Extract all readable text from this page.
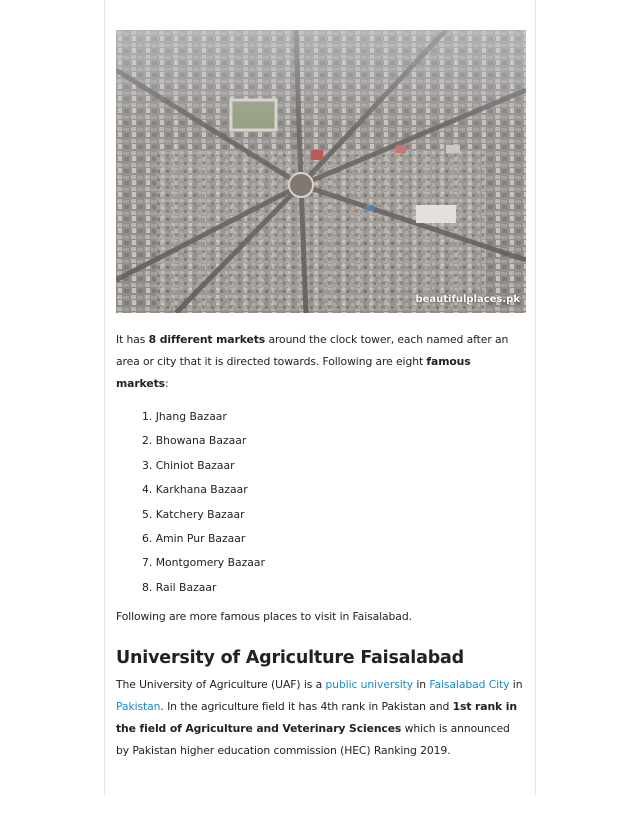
beautifulplaces.pk

It has 8 different markets around the clock tower, each named after an area or city that it is directed towards. Following are eight famous markets:

1. Jhang Bazaar
2. Bhowana Bazaar
3. Chiniot Bazaar
4. Karkhana Bazaar
5. Katchery Bazaar
6. Amin Pur Bazaar
7. Montgomery Bazaar
8. Rail Bazaar

Following are more famous places to visit in Faisalabad.

University of Agriculture Faisalabad

The University of Agriculture (UAF) is a public university in Faisalabad City in Pakistan. In the agriculture field it has 4th rank in Pakistan and 1st rank in the field of Agriculture and Veterinary Sciences which is announced by Pakistan higher education commission (HEC) Ranking 2019.
